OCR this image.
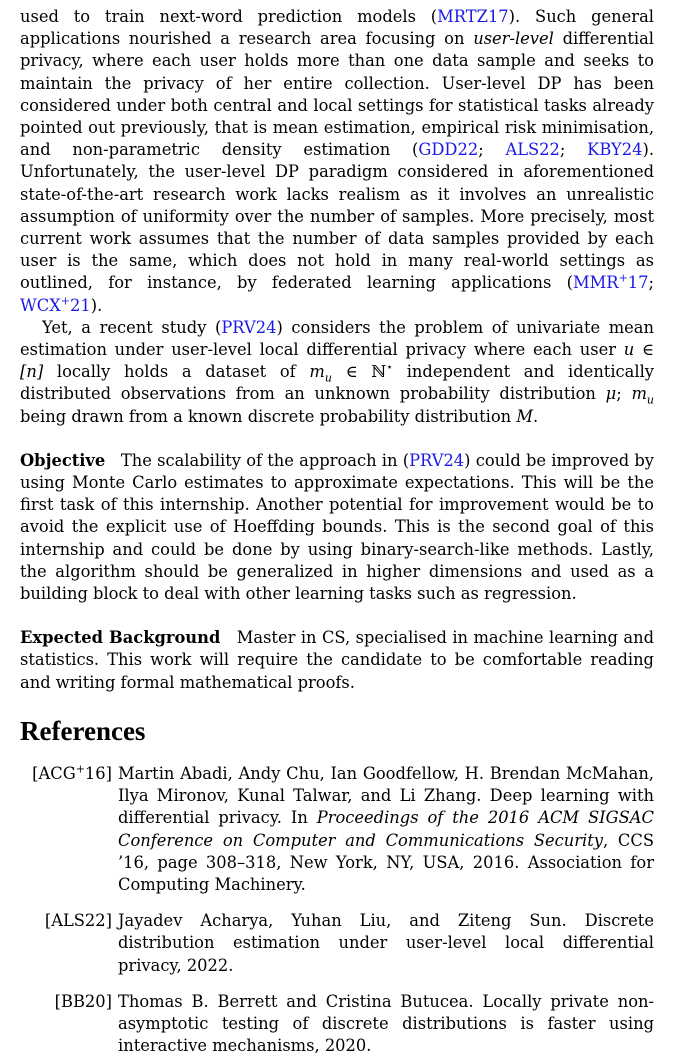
used to train next-word prediction models (MRTZ17). Such general applications nourished a research area focusing on user-level differential privacy, where each user holds more than one data sample and seeks to maintain the privacy of her entire collection. User-level DP has been considered under both central and local settings for statistical tasks already pointed out previously, that is mean estimation, empirical risk minimisation, and non-parametric density estimation (GDD22; ALS22; KBY24). Unfortunately, the user-level DP paradigm considered in aforementioned state-of-the-art research work lacks realism as it involves an unrealistic assumption of uniformity over the number of samples. More precisely, most current work assumes that the number of data samples provided by each user is the same, which does not hold in many real-world settings as outlined, for instance, by federated learning applications (MMR+17; WCX+21).

Yet, a recent study (PRV24) considers the problem of univariate mean estimation under user-level local differential privacy where each user u ∈ [n] locally holds a dataset of $m_u$ ∈ ℕ⋆ independent and identically distributed observations from an unknown probability distribution μ; $m_u$ being drawn from a known discrete probability distribution M.

Objective The scalability of the approach in (PRV24) could be improved by using Monte Carlo estimates to approximate expectations. This will be the first task of this internship. Another potential for improvement would be to avoid the explicit use of Hoeffding bounds. This is the second goal of this internship and could be done by using binary-search-like methods. Lastly, the algorithm should be generalized in higher dimensions and used as a building block to deal with other learning tasks such as regression.

Expected Background Master in CS, specialised in machine learning and statistics. This work will require the candidate to be comfortable reading and writing formal mathematical proofs.

References
[ACG+16] Martin Abadi, Andy Chu, Ian Goodfellow, H. Brendan McMahan, Ilya Mironov, Kunal Talwar, and Li Zhang. Deep learning with differential privacy. In Proceedings of the 2016 ACM SIGSAC Conference on Computer and Communications Security, CCS ’16, page 308–318, New York, NY, USA, 2016. Association for Computing Machinery.
[ALS22] Jayadev Acharya, Yuhan Liu, and Ziteng Sun. Discrete distribution estimation under user-level local differential privacy, 2022.
[BB20] Thomas B. Berrett and Cristina Butucea. Locally private non-asymptotic testing of discrete distributions is faster using interactive mechanisms, 2020.
